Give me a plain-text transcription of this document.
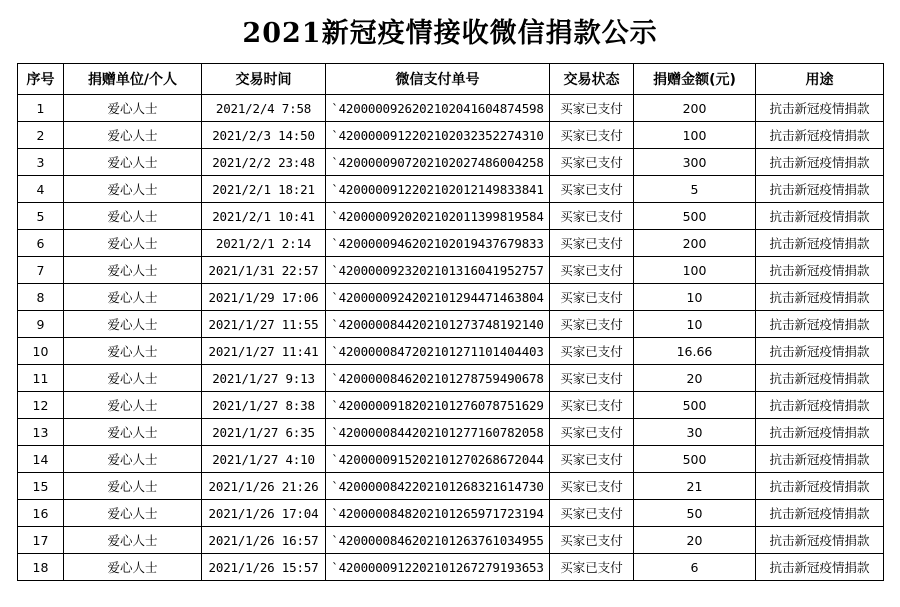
2021新冠疫情接收微信捐款公示
序号	捐赠单位/个人	交易时间	微信支付单号	交易状态	捐赠金额(元)	用途
1	爱心人士	2021/2/4 7:58	`4200000926202102041604874598	买家已支付	200	抗击新冠疫情捐款
2	爱心人士	2021/2/3 14:50	`4200000912202102032352274310	买家已支付	100	抗击新冠疫情捐款
3	爱心人士	2021/2/2 23:48	`4200000907202102027486004258	买家已支付	300	抗击新冠疫情捐款
4	爱心人士	2021/2/1 18:21	`4200000912202102012149833841	买家已支付	5	抗击新冠疫情捐款
5	爱心人士	2021/2/1 10:41	`4200000920202102011399819584	买家已支付	500	抗击新冠疫情捐款
6	爱心人士	2021/2/1 2:14	`4200000946202102019437679833	买家已支付	200	抗击新冠疫情捐款
7	爱心人士	2021/1/31 22:57	`4200000923202101316041952757	买家已支付	100	抗击新冠疫情捐款
8	爱心人士	2021/1/29 17:06	`4200000924202101294471463804	买家已支付	10	抗击新冠疫情捐款
9	爱心人士	2021/1/27 11:55	`4200000844202101273748192140	买家已支付	10	抗击新冠疫情捐款
10	爱心人士	2021/1/27 11:41	`4200000847202101271101404403	买家已支付	16.66	抗击新冠疫情捐款
11	爱心人士	2021/1/27 9:13	`4200000846202101278759490678	买家已支付	20	抗击新冠疫情捐款
12	爱心人士	2021/1/27 8:38	`4200000918202101276078751629	买家已支付	500	抗击新冠疫情捐款
13	爱心人士	2021/1/27 6:35	`4200000844202101277160782058	买家已支付	30	抗击新冠疫情捐款
14	爱心人士	2021/1/27 4:10	`4200000915202101270268672044	买家已支付	500	抗击新冠疫情捐款
15	爱心人士	2021/1/26 21:26	`4200000842202101268321614730	买家已支付	21	抗击新冠疫情捐款
16	爱心人士	2021/1/26 17:04	`4200000848202101265971723194	买家已支付	50	抗击新冠疫情捐款
17	爱心人士	2021/1/26 16:57	`4200000846202101263761034955	买家已支付	20	抗击新冠疫情捐款
18	爱心人士	2021/1/26 15:57	`4200000912202101267279193653	买家已支付	6	抗击新冠疫情捐款
